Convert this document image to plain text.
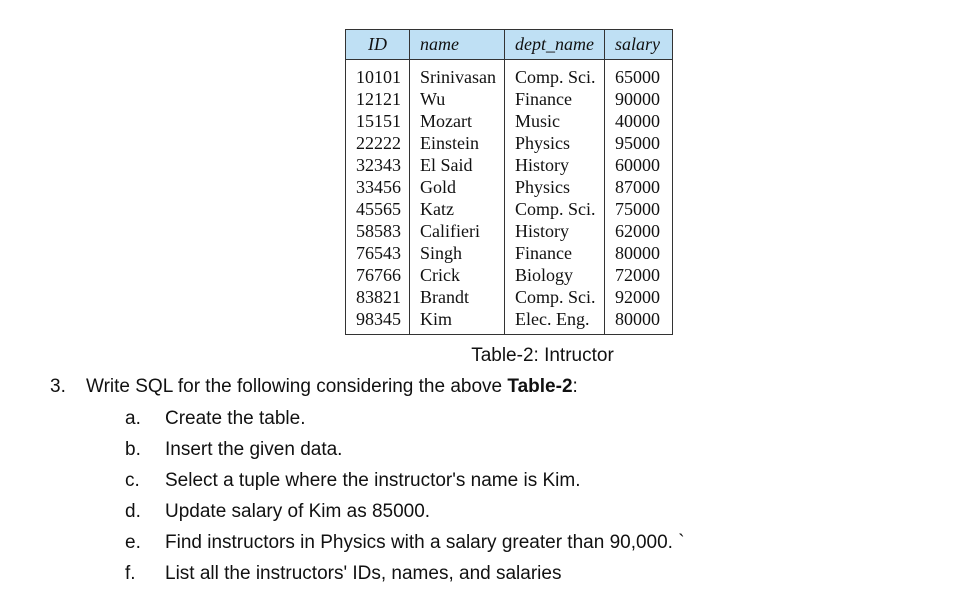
ID	name	dept_name	salary

10101	Srinivasan	Comp. Sci.	65000
12121	Wu	Finance	90000
15151	Mozart	Music	40000
22222	Einstein	Physics	95000
32343	El Said	History	60000
33456	Gold	Physics	87000
45565	Katz	Comp. Sci.	75000
58583	Califieri	History	62000
76543	Singh	Finance	80000
76766	Crick	Biology	72000
83821	Brandt	Comp. Sci.	92000
98345	Kim	Elec. Eng.	80000
Table-2: Intructor
3. Write SQL for the following considering the above Table-2:
a. Create the table.
b. Insert the given data.
c. Select a tuple where the instructor's name is Kim.
d. Update salary of Kim as 85000.
e. Find instructors in Physics with a salary greater than 90,000. `
f. List all the instructors' IDs, names, and salaries
